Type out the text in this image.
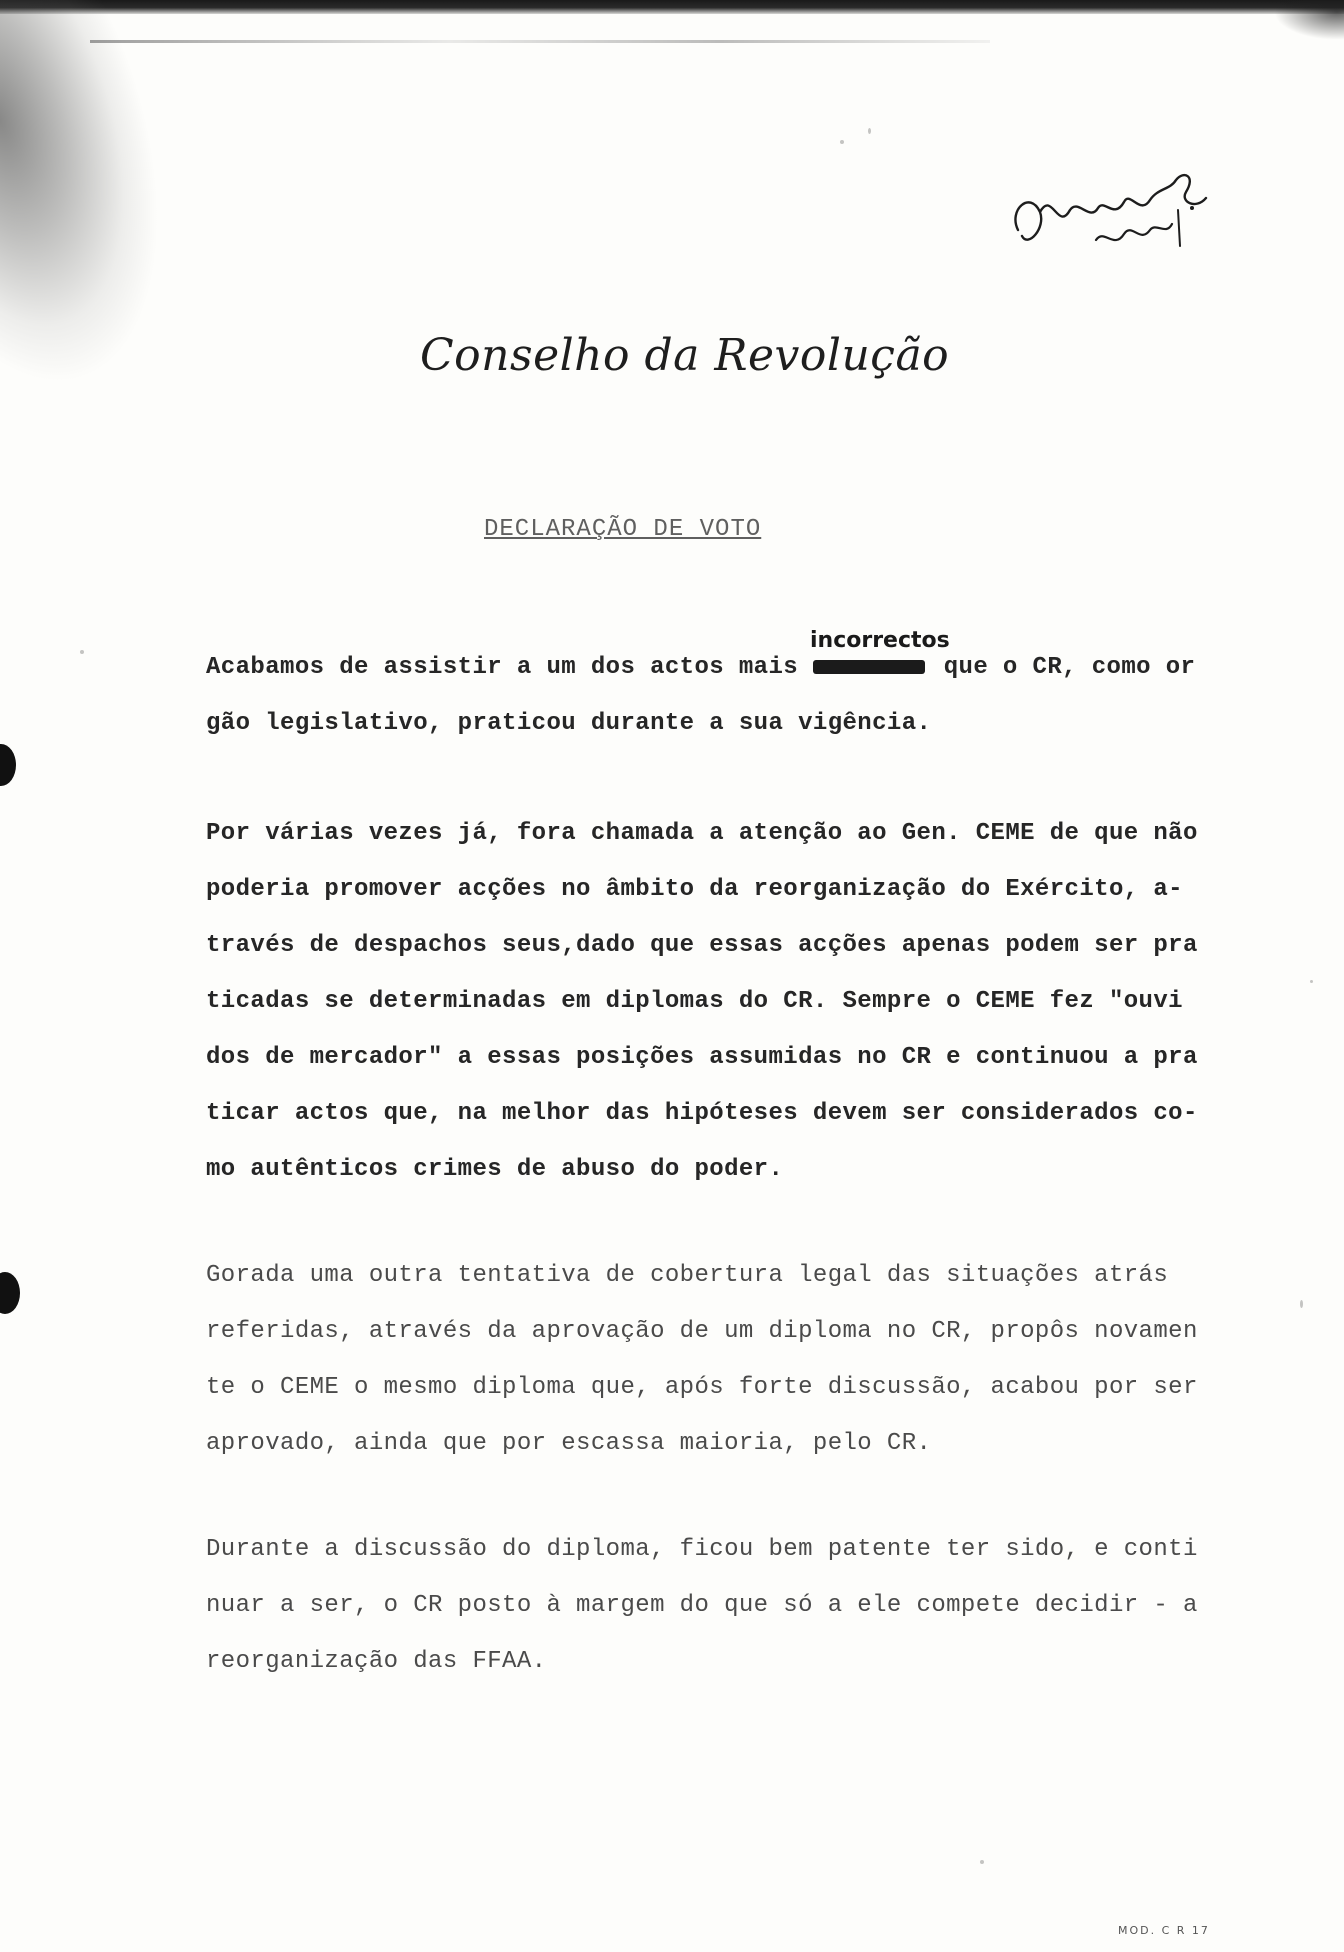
Conselho da Revolução
DECLARAÇÃO DE VOTO
incorrectos
Acabamos de assistir a um dos actos mais	que o CR, como or
gão legislativo, praticou durante a sua vigência.
Por várias vezes já, fora chamada a atenção ao Gen. CEME de que não
poderia promover acções no âmbito da reorganização do Exército, a-
través de despachos seus,dado que essas acções apenas podem ser pra
ticadas se determinadas em diplomas do CR. Sempre o CEME fez "ouvi
dos de mercador" a essas posições assumidas no CR e continuou a pra
ticar actos que, na melhor das hipóteses devem ser considerados co-
mo autênticos crimes de abuso do poder.
Gorada uma outra tentativa de cobertura legal das situações atrás
referidas, através da aprovação de um diploma no CR, propôs novamen
te o CEME o mesmo diploma que, após forte discussão, acabou por ser
aprovado, ainda que por escassa maioria, pelo CR.
Durante a discussão do diploma, ficou bem patente ter sido, e conti
nuar a ser, o CR posto à margem do que só a ele compete decidir - a
reorganização das FFAA.
MOD. C R 17
